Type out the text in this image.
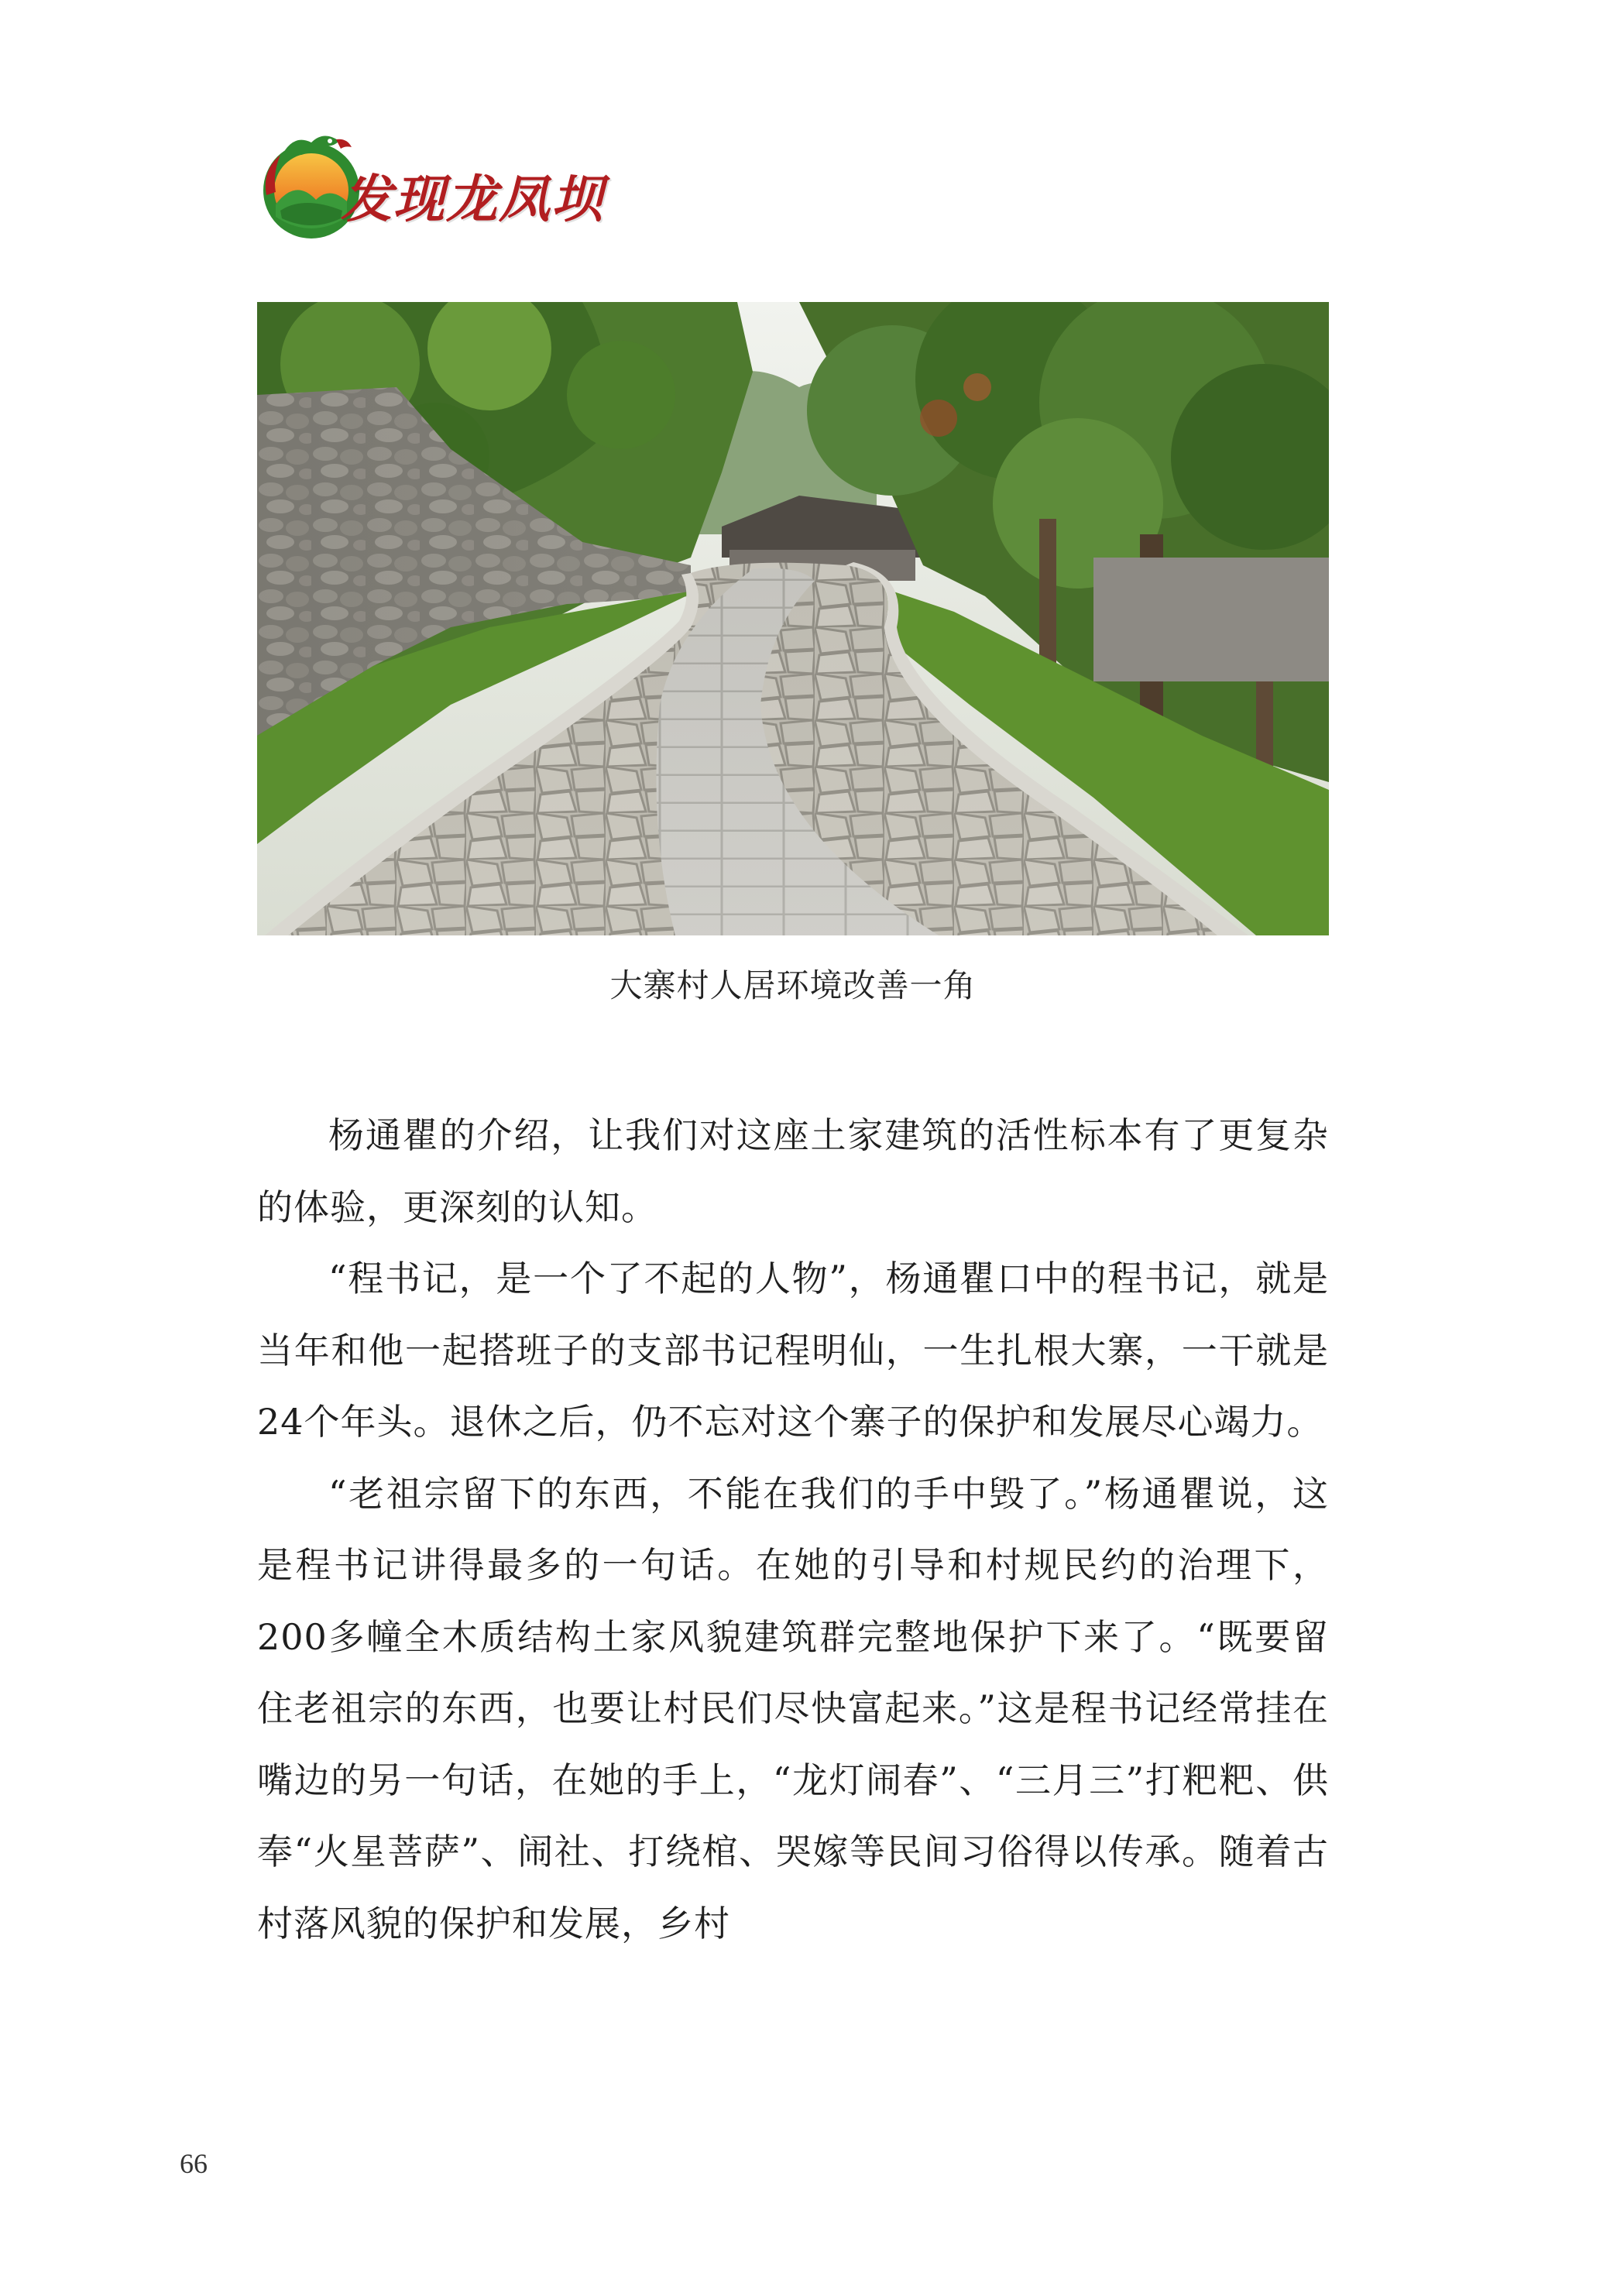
发现龙凤坝
大寨村人居环境改善一角

杨通瞿的介绍，让我们对这座土家建筑的活性标本有了更复杂的体验，更深刻的认知。

“程书记，是一个了不起的人物”，杨通瞿口中的程书记，就是当年和他一起搭班子的支部书记程明仙，一生扎根大寨，一干就是24个年头。退休之后，仍不忘对这个寨子的保护和发展尽心竭力。

“老祖宗留下的东西，不能在我们的手中毁了。”杨通瞿说，这是程书记讲得最多的一句话。在她的引导和村规民约的治理下，200多幢全木质结构土家风貌建筑群完整地保护下来了。“既要留住老祖宗的东西，也要让村民们尽快富起来。”这是程书记经常挂在嘴边的另一句话，在她的手上，“龙灯闹春”、“三月三”打粑粑、供奉“火星菩萨”、闹社、打绕棺、哭嫁等民间习俗得以传承。随着古村落风貌的保护和发展，乡村

66
